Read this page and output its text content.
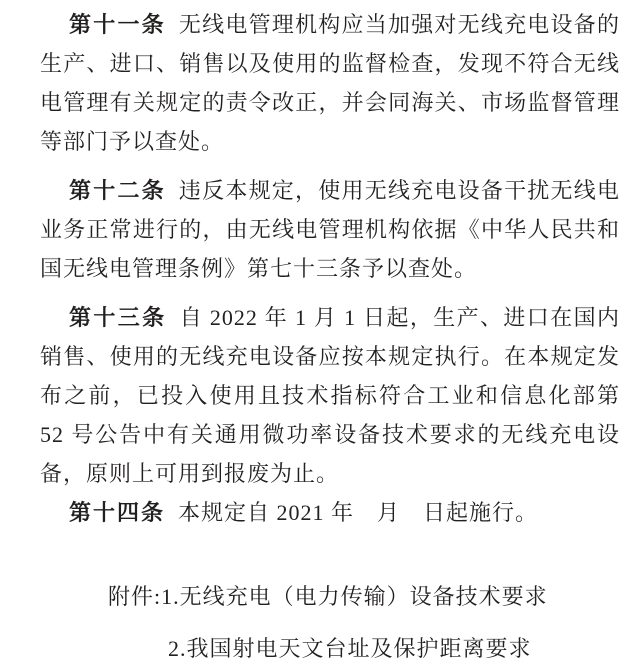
第十一条 无线电管理机构应当加强对无线充电设备的生产、进口、销售以及使用的监督检查，发现不符合无线电管理有关规定的责令改正，并会同海关、市场监督管理等部门予以查处。

第十二条 违反本规定，使用无线充电设备干扰无线电业务正常进行的，由无线电管理机构依据《中华人民共和国无线电管理条例》第七十三条予以查处。

第十三条 自 2022 年 1 月 1 日起，生产、进口在国内销售、使用的无线充电设备应按本规定执行。在本规定发布之前，已投入使用且技术指标符合工业和信息化部第 52 号公告中有关通用微功率设备技术要求的无线充电设备，原则上可用到报废为止。

第十四条 本规定自 2021 年　月　日起施行。

附件:1.无线充电（电力传输）设备技术要求
2.我国射电天文台址及保护距离要求
